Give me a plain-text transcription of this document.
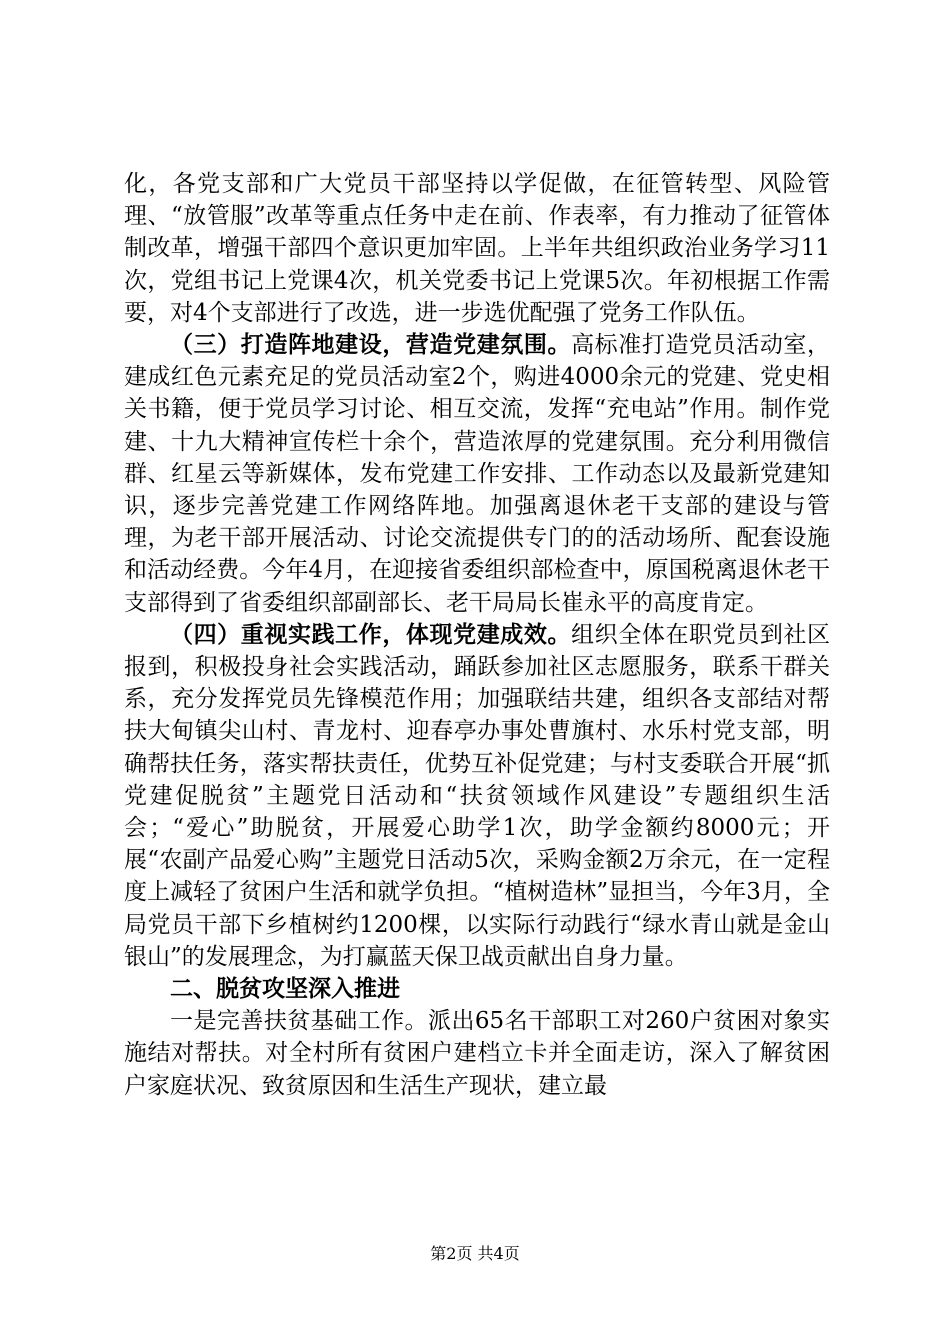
化，各党支部和广大党员干部坚持以学促做，在征管转型、风险管理、“放管服”改革等重点任务中走在前、作表率，有力推动了征管体制改革，增强干部四个意识更加牢固。上半年共组织政治业务学习11次，党组书记上党课4次，机关党委书记上党课5次。年初根据工作需要，对4个支部进行了改选，进一步选优配强了党务工作队伍。

（三）打造阵地建设，营造党建氛围。高标准打造党员活动室，建成红色元素充足的党员活动室2个，购进4000余元的党建、党史相关书籍，便于党员学习讨论、相互交流，发挥“充电站”作用。制作党建、十九大精神宣传栏十余个，营造浓厚的党建氛围。充分利用微信群、红星云等新媒体，发布党建工作安排、工作动态以及最新党建知识，逐步完善党建工作网络阵地。加强离退休老干支部的建设与管理，为老干部开展活动、讨论交流提供专门的的活动场所、配套设施和活动经费。今年4月，在迎接省委组织部检查中，原国税离退休老干支部得到了省委组织部副部长、老干局局长崔永平的高度肯定。

（四）重视实践工作，体现党建成效。组织全体在职党员到社区报到，积极投身社会实践活动，踊跃参加社区志愿服务，联系干群关系，充分发挥党员先锋模范作用；加强联结共建，组织各支部结对帮扶大甸镇尖山村、青龙村、迎春亭办事处曹旗村、水乐村党支部，明确帮扶任务，落实帮扶责任，优势互补促党建；与村支委联合开展“抓党建促脱贫”主题党日活动和“扶贫领域作风建设”专题组织生活会；“爱心”助脱贫，开展爱心助学1次，助学金额约8000元；开展“农副产品爱心购”主题党日活动5次，采购金额2万余元，在一定程度上减轻了贫困户生活和就学负担。“植树造林”显担当，今年3月，全局党员干部下乡植树约1200棵，以实际行动践行“绿水青山就是金山银山”的发展理念，为打赢蓝天保卫战贡献出自身力量。

二、脱贫攻坚深入推进

一是完善扶贫基础工作。派出65名干部职工对260户贫困对象实施结对帮扶。对全村所有贫困户建档立卡并全面走访，深入了解贫困户家庭状况、致贫原因和生活生产现状，建立最

第2页 共4页
